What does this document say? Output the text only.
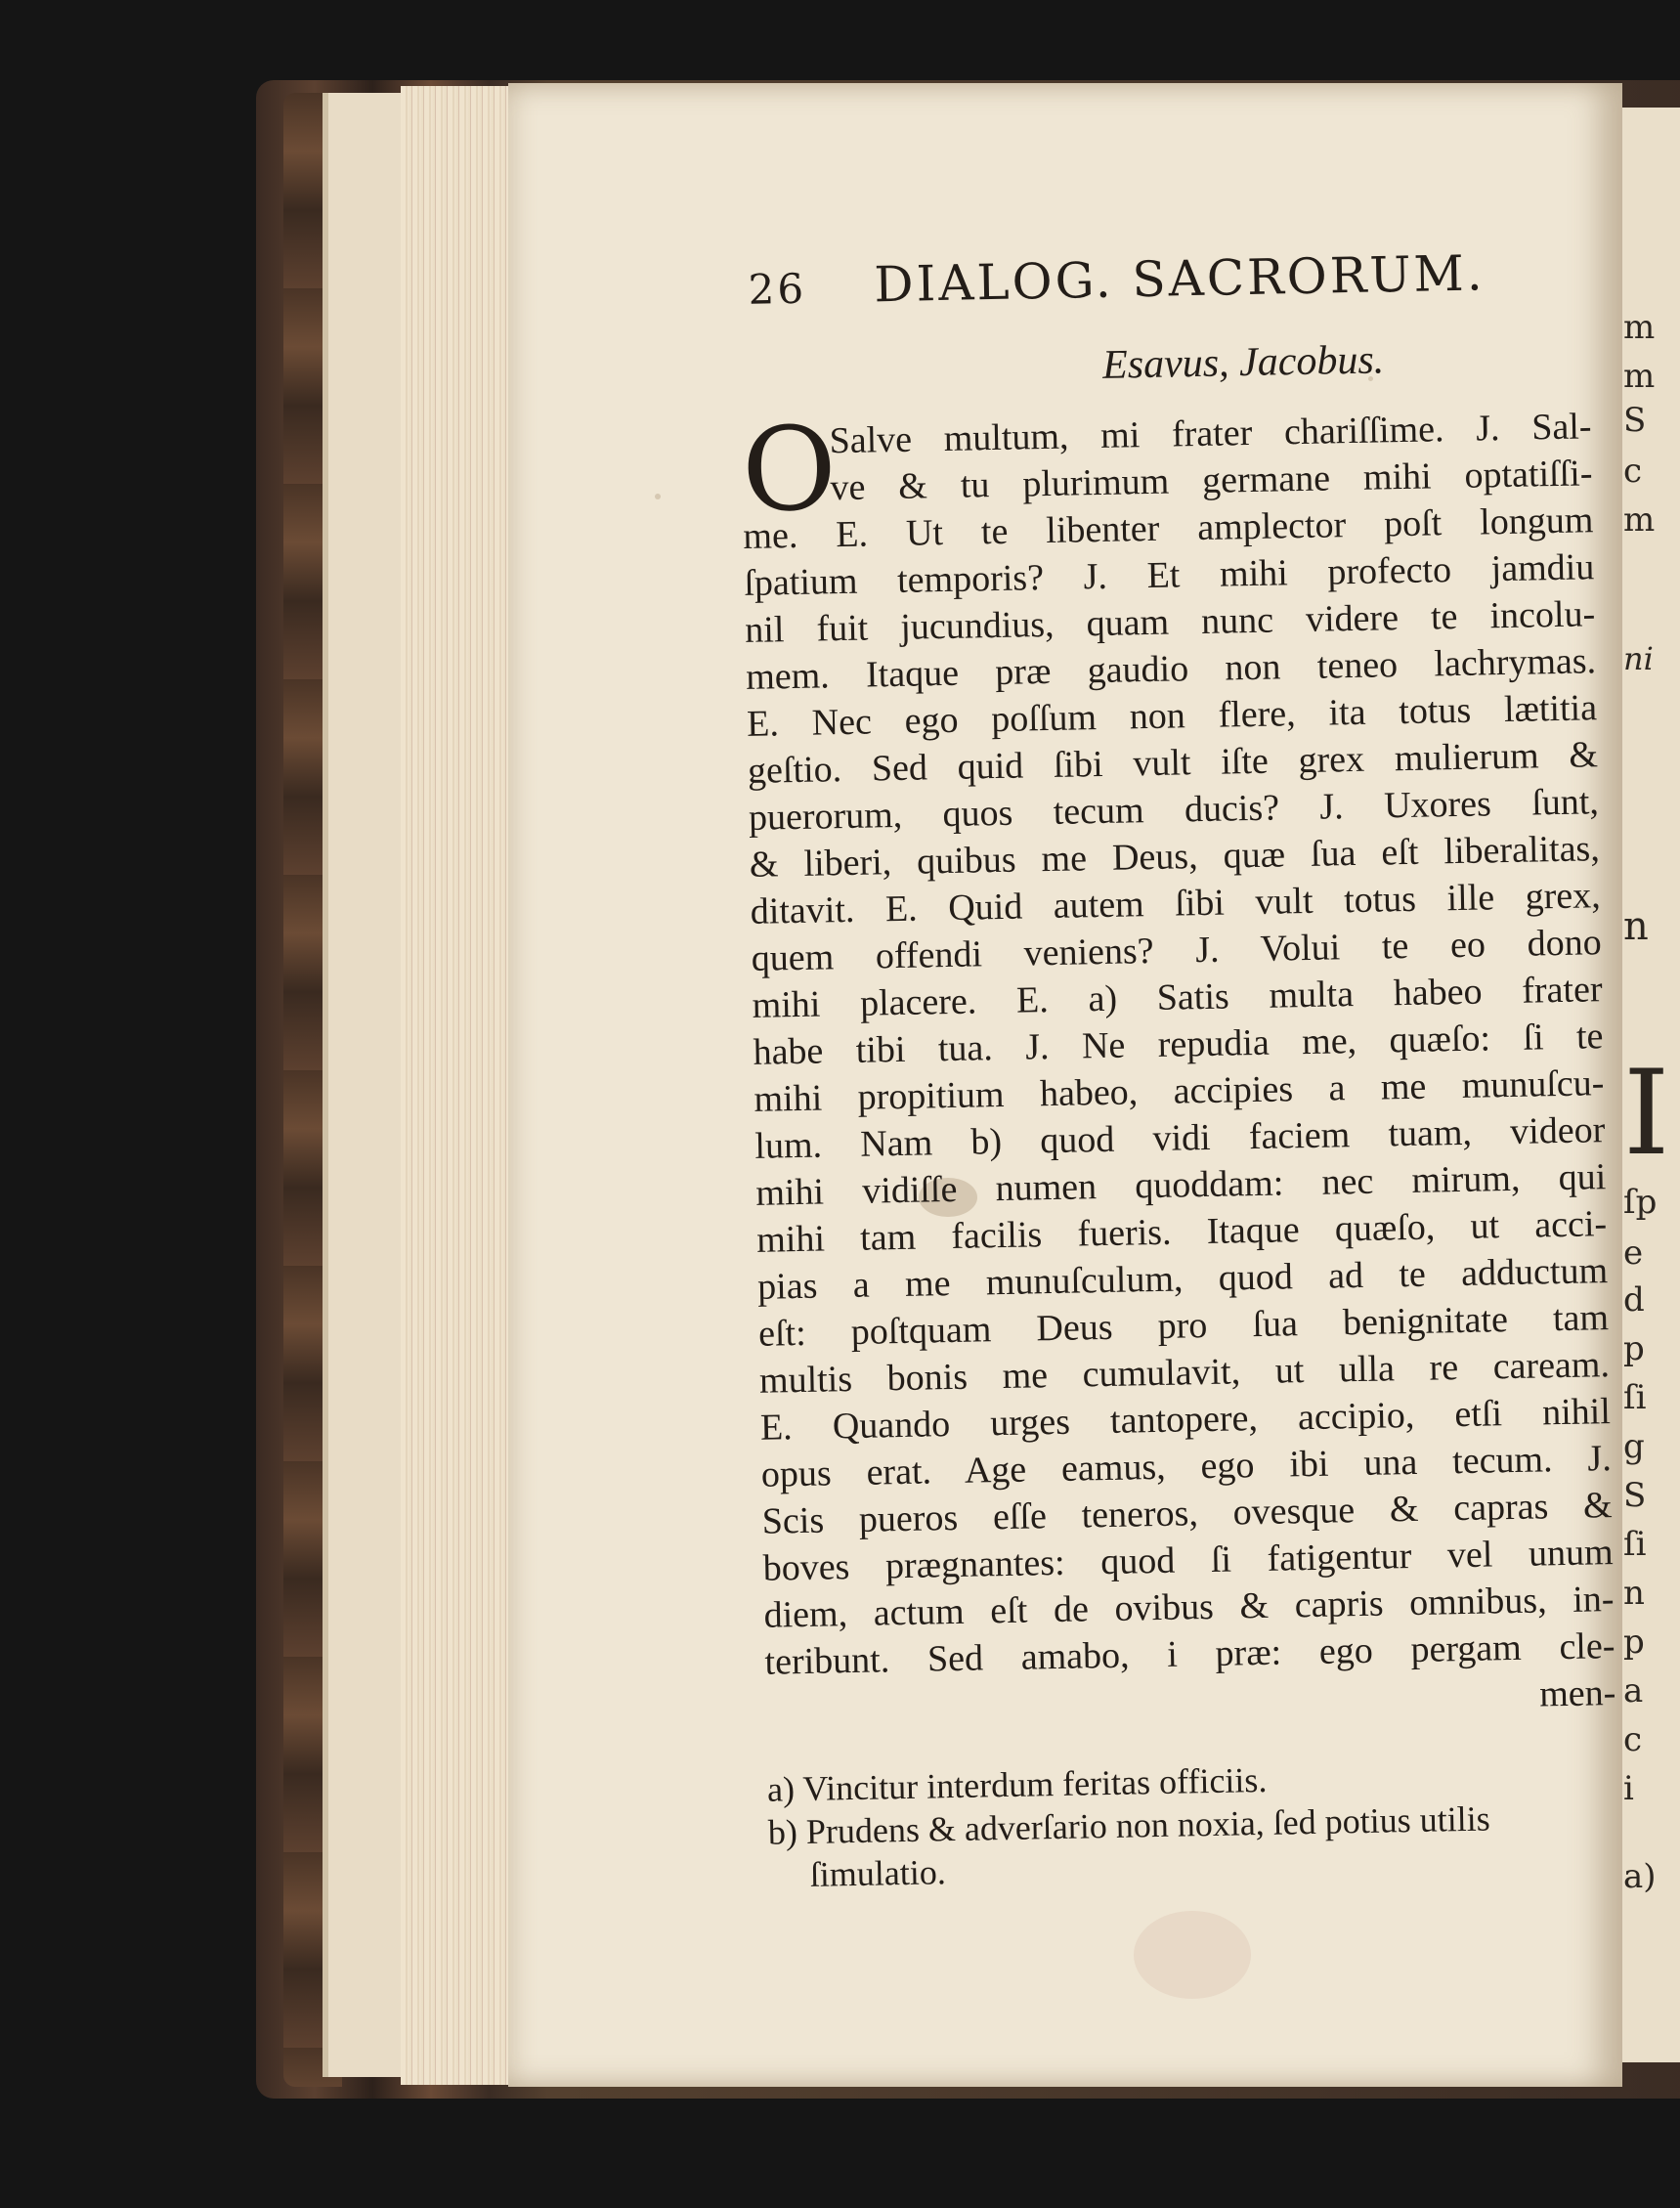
m
m
S
c
m
ni
n
I
ſp
e
d
p
ſi
g
S
ſi
n
p
a
c
i
a)
26 DIALOG. SACRORUM.
Esavus, Jacobus.
O
Salve multum, mi frater chariſſime. J. Sal-
ve & tu plurimum germane mihi optatiſſi-
me. E. Ut te libenter amplector poſt longum
ſpatium temporis? J. Et mihi profecto jamdiu
nil fuit jucundius, quam nunc videre te incolu-
mem. Itaque præ gaudio non teneo lachrymas.
E. Nec ego poſſum non flere, ita totus lætitia
geſtio. Sed quid ſibi vult iſte grex mulierum &
puerorum, quos tecum ducis? J. Uxores ſunt,
& liberi, quibus me Deus, quæ ſua eſt liberalitas,
ditavit. E. Quid autem ſibi vult totus ille grex,
quem offendi veniens? J. Volui te eo dono
mihi placere. E. a) Satis multa habeo frater
habe tibi tua. J. Ne repudia me, quæſo: ſi te
mihi propitium habeo, accipies a me munuſcu-
lum. Nam b) quod vidi faciem tuam, videor
mihi vidiſſe numen quoddam: nec mirum, qui
mihi tam facilis fueris. Itaque quæſo, ut acci-
pias a me munuſculum, quod ad te adductum
eſt: poſtquam Deus pro ſua benignitate tam
multis bonis me cumulavit, ut ulla re caream.
E. Quando urges tantopere, accipio, etſi nihil
opus erat. Age eamus, ego ibi una tecum. J.
Scis pueros eſſe teneros, ovesque & capras &
boves prægnantes: quod ſi fatigentur vel unum
diem, actum eſt de ovibus & capris omnibus, in-
teribunt. Sed amabo, i præ: ego pergam cle-
men-
a) Vincitur interdum feritas officiis.
b) Prudens & adverſario non noxia, ſed potius utilis
ſimulatio.
